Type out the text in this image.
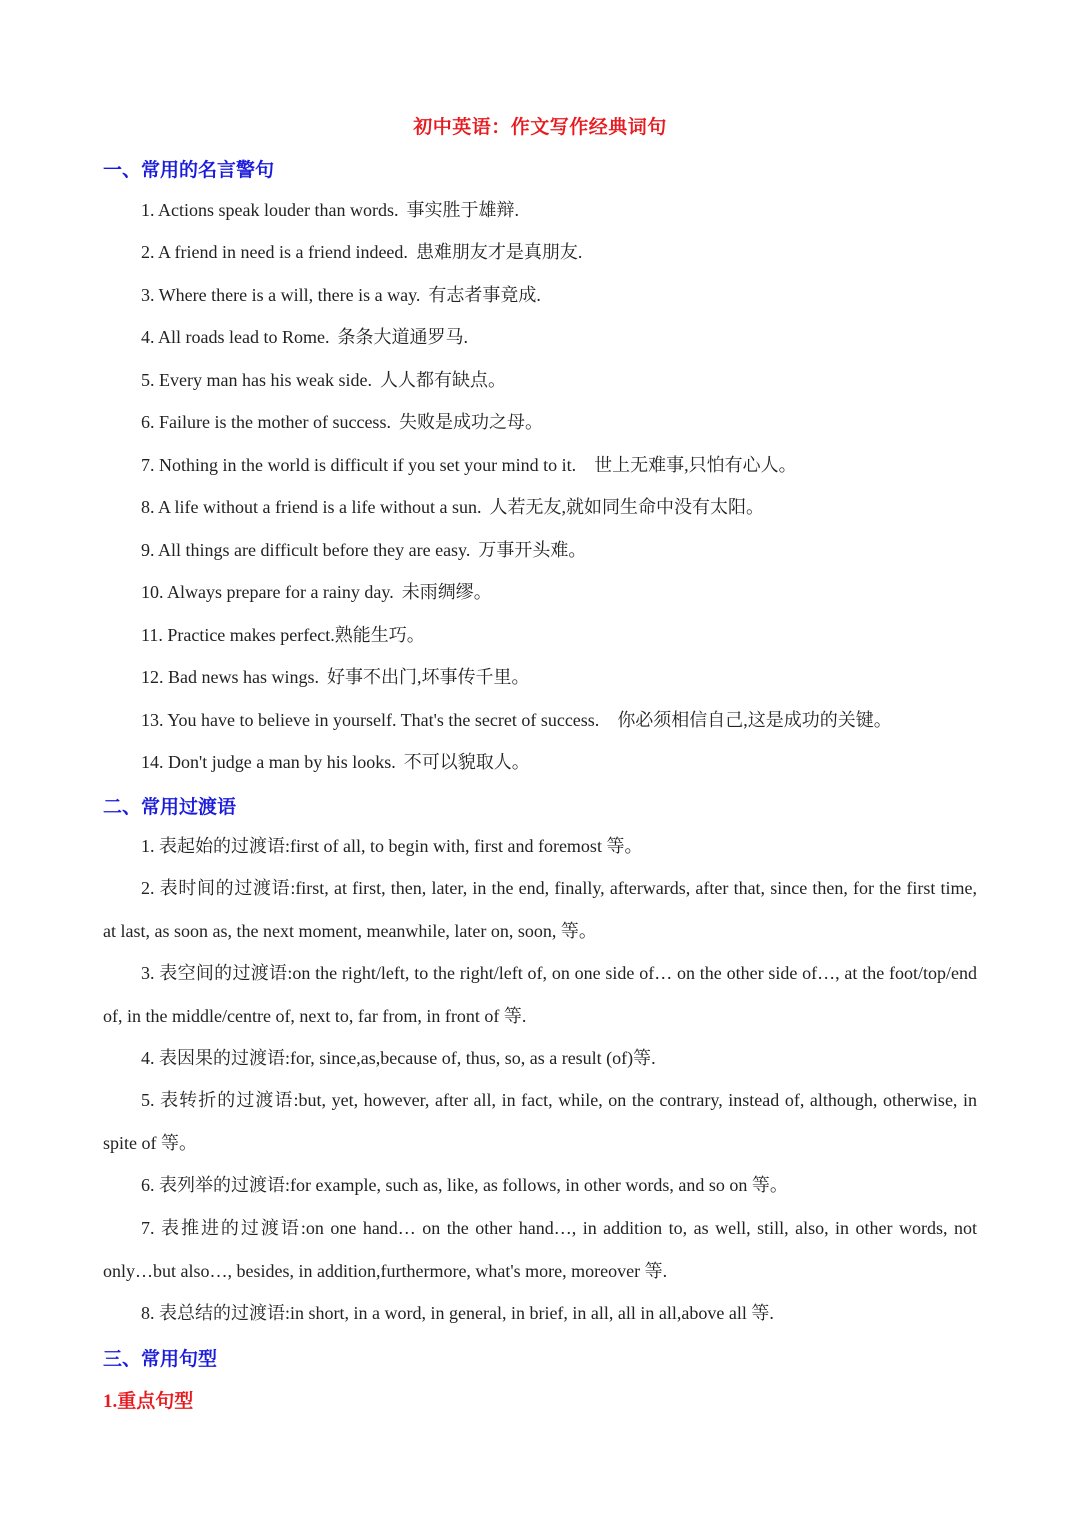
初中英语：作文写作经典词句
一、常用的名言警句
1. Actions speak louder than words. 事实胜于雄辩.
2. A friend in need is a friend indeed. 患难朋友才是真朋友.
3. Where there is a will, there is a way. 有志者事竟成.
4. All roads lead to Rome. 条条大道通罗马.
5. Every man has his weak side. 人人都有缺点。
6. Failure is the mother of success. 失败是成功之母。
7. Nothing in the world is difficult if you set your mind to it. 世上无难事,只怕有心人。
8. A life without a friend is a life without a sun. 人若无友,就如同生命中没有太阳。
9. All things are difficult before they are easy. 万事开头难。
10. Always prepare for a rainy day. 未雨绸缪。
11. Practice makes perfect.熟能生巧。
12. Bad news has wings. 好事不出门,坏事传千里。
13. You have to believe in yourself. That's the secret of success. 你必须相信自己,这是成功的关键。
14. Don't judge a man by his looks. 不可以貌取人。
二、常用过渡语
1. 表起始的过渡语:first of all, to begin with, first and foremost 等。
2. 表时间的过渡语:first, at first, then, later, in the end, finally, afterwards, after that, since then, for the first time, at last, as soon as, the next moment, meanwhile, later on, soon, 等。
3. 表空间的过渡语:on the right/left, to the right/left of, on one side of… on the other side of…, at the foot/top/end of, in the middle/centre of, next to, far from, in front of 等.
4. 表因果的过渡语:for, since,as,because of, thus, so, as a result (of)等.
5. 表转折的过渡语:but, yet, however, after all, in fact, while, on the contrary, instead of, although, otherwise, in spite of 等。
6. 表列举的过渡语:for example, such as, like, as follows, in other words, and so on 等。
7. 表推进的过渡语:on one hand… on the other hand…, in addition to, as well, still, also, in other words, not only…but also…, besides, in addition,furthermore, what's more, moreover 等.
8. 表总结的过渡语:in short, in a word, in general, in brief, in all, all in all,above all 等.
三、常用句型
1.重点句型
